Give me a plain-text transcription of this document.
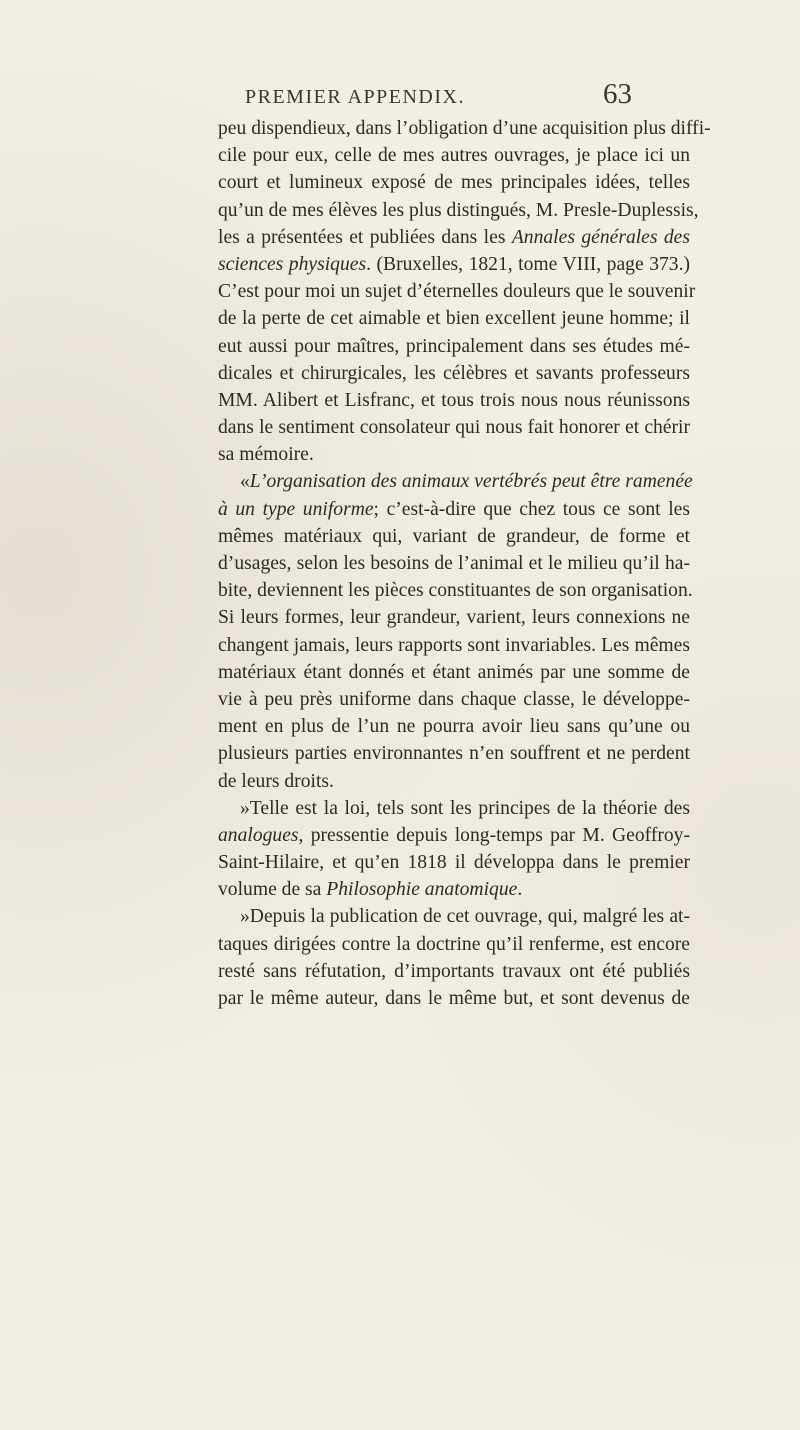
PREMIER APPENDIX.	63
peu dispendieux, dans l’obligation d’une acquisition plus diffi-
cile pour eux, celle de mes autres ouvrages, je place ici un
court et lumineux exposé de mes principales idées, telles
qu’un de mes élèves les plus distingués, M. Presle-Duplessis,
les a présentées et publiées dans les Annales générales des
sciences physiques. (Bruxelles, 1821, tome VIII, page 373.)
C’est pour moi un sujet d’éternelles douleurs que le souvenir
de la perte de cet aimable et bien excellent jeune homme; il
eut aussi pour maîtres, principalement dans ses études mé-
dicales et chirurgicales, les célèbres et savants professeurs
MM. Alibert et Lisfranc, et tous trois nous nous réunissons
dans le sentiment consolateur qui nous fait honorer et chérir
sa mémoire.
«L’organisation des animaux vertébrés peut être ramenée
à un type uniforme; c’est-à-dire que chez tous ce sont les
mêmes matériaux qui, variant de grandeur, de forme et
d’usages, selon les besoins de l’animal et le milieu qu’il ha-
bite, deviennent les pièces constituantes de son organisation.
Si leurs formes, leur grandeur, varient, leurs connexions ne
changent jamais, leurs rapports sont invariables. Les mêmes
matériaux étant donnés et étant animés par une somme de
vie à peu près uniforme dans chaque classe, le développe-
ment en plus de l’un ne pourra avoir lieu sans qu’une ou
plusieurs parties environnantes n’en souffrent et ne perdent
de leurs droits.
»Telle est la loi, tels sont les principes de la théorie des
analogues, pressentie depuis long-temps par M. Geoffroy-
Saint-Hilaire, et qu’en 1818 il développa dans le premier
volume de sa Philosophie anatomique.
»Depuis la publication de cet ouvrage, qui, malgré les at-
taques dirigées contre la doctrine qu’il renferme, est encore
resté sans réfutation, d’importants travaux ont été publiés
par le même auteur, dans le même but, et sont devenus de
